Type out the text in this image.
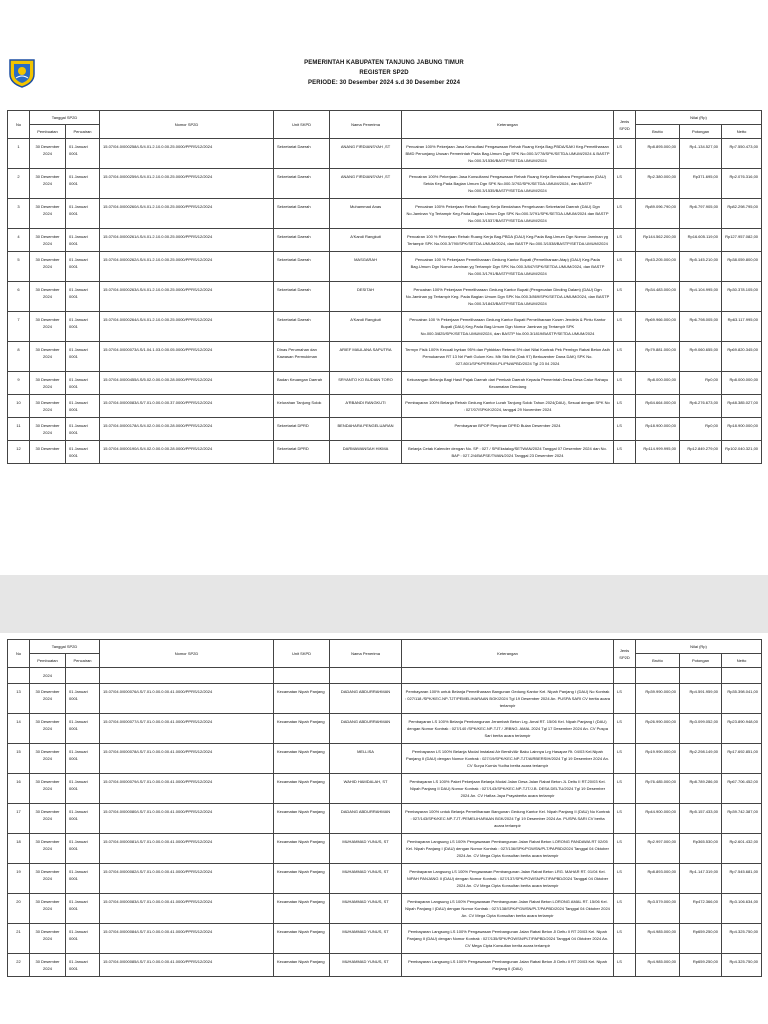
PEMERINTAH KABUPATEN TANJUNG JABUNG TIMUR
REGISTER SP2D
PERIODE: 30 Desember 2024 s.d 30 Desember 2024
No	Tanggal SP2D		Nomor SP2D	Unit SKPD	Nama Penerima	Keterangan	Jenis SP2D	Nilai (Rp)		
	Pembuatan	Pencairan						Brutto	Potongan	Netto
1	30 Desember 2024	01 Januari 0001	15.07/04.0/000258/LS/4.01.2.10.0.00.25.0000/PPRS/12/2024	Sekretariat Daerah	ANANG FIRDIANSYAH ,ST	Pencairan 100% Pekerjaan Jasa Konsultasi Pengawasan Rehab Ruang Kerja Bag.PBDA/SAKI Keg.Pemeliharaan BMD Penunjang Urusan Pemerintah Pada Bag.Umum Dgn SPK No.000.3/778/SPK/SETDA.UMUM/2024 & BASTP No.000.3/1536/BASTP/SETDA.UMUM/2024	LS	Rp8.895.000,00	Rp1.134.527,00	Rp7.550.473,00
2	30 Desember 2024	01 Januari 0001	15.07/04.0/000259/LS/4.01.2.10.0.00.25.0000/PPRS/12/2024	Sekretariat Daerah	ANANG FIRDIANSYAH ,ST	Pencairan 100% Pekerjaan Jasa Konsultansi Pengawasan Rehab Ruang Kerja Bendahara Pengeluaran (DAU) Setda Keg.Pada Bagian Umum Dgn SPK No.000.3/792/SPK/SETDA.UMUM/2024, dan BASTP No.000.3/1535/BASTP/SETDA.UMUM/2024	LS	Rp2.380.000,00	Rp371.695,00	Rp2.076.316,00
3	30 Desember 2024	01 Januari 0001	15.07/04.0/000260/LS/4.01.2.10.0.00.25.0000/PPRS/12/2024	Sekretariat Daerah	Muhammad Anas	Pencairan 100% Pekerjaan Rehab Ruang Kerja Bendahara Pengeluaran Sekretariat Daerah (DAU) Dgn No.Jaminan Yg Tertampir Keg.Pada Bagian Umum Dgn SPK No.000.3/791/SPK/SETDA.UMUM/2024 dan BASTP No.000.3/1537/BASTP/SETDA.UMUM/2024	LS	Rp89.096.790,00	Rp6.797.905,00	Rp82.298.795,00
4	30 Desember 2024	01 Januari 0001	15.07/04.0/000261/LS/4.01.2.10.0.00.25.0000/PPRS/12/2024	Sekretariat Daerah	A'Kandi Rangkuti	Pencairan 100 % Pekerjaan Rehab Ruang Kerja Bag.PBDA (DAU) Keg.Pada Bag.Umum Dgn Nomor Jaminan yg Tertampir SPK No.000.3/790/SPK/SETDA.UMUM/2024, dan BASTP No.000.3/1538/BASTP/SETDA.UMUM/2024	LS	Rp144.562.200,00	Rp16.605.119,00	Rp127.957.082,00
5	30 Desember 2024	01 Januari 0001	15.07/04.0/000262/LS/4.01.2.10.0.00.25.0000/PPRS/12/2024	Sekretariat Daerah	MASGARAH	Pencairan 100 % Pekerjaan Pemeliharaan Gedung Kantor Bupati (Pemeliharaan Atap) (DAU) Keg.Pada Bag.Umum Dgn Nomor Jaminan yg Tertampir Dgn SPK No.000.3/847/SPK/SETDA.UMUM/2024, dan BASTP No.000.3/1791/BASTP/SETDA.UMUM/2024	LS	Rp43.205.000,00	Rp5.145.210,00	Rp38.059.800,00
6	30 Desember 2024	01 Januari 0001	15.07/04.0/000263/LS/4.01.2.10.0.00.25.0000/PPRS/12/2024	Sekretariat Daerah	DESITAH	Pencairan 100% Pekerjaan Pemeliharaan Gedung Kantor Bupati (Pengecatan Dinding Dalam) (DAU) Dgn No.Jaminan yg Tertampir Keg. Pada Bagian Umum Dgn SPK No.000.3/869/SPK/SETDA.UMUM/2024, dan BASTP No.000.3/1843/BASTP/SETDA.UMUM/2024	LS	Rp34.483.000,00	Rp4.104.995,00	Rp30.378.105,00
7	30 Desember 2024	01 Januari 0001	15.07/04.0/000264/LS/4.01.2.10.0.00.25.0000/PPRS/12/2024	Sekretariat Daerah	A'Kandi Rangkuti	Pencairan 100 % Pekerjaan Pemeliharaan Gedung Kantor Bupati Pemeliharaan Kusen Jendela & Pintu Kantor Bupati (DAU) Keg.Pada Bag.Umum Dgn Nomor Jaminan yg Tertampir SPK No.000.3/825/SPK/SETDA.UMUM/2024, dan BASTP No.000.3/1819/BASTP/SETDA.UMUM/2024	LS	Rp69.966.000,00	Rp6.798.005,00	Rp63.117.995,00
8	30 Desember 2024	01 Januari 0001	15.07/04.0/000073/LS/1.04.1.03.0.00.05.0000/PPRS/12/2024	Dinas Perumahan dan Kawasan Permukiman	ARIEF MAULANA SAPUTRA	Termyn Fisik 100% Kecuali byrkan 95% dan Pybkblan Retensi 5% dari Nilai Kontrak Pek Pembgn Rabat Beton Asih Pemukaman RT 13 Nrl Parit Gulum Kec. Mb Sbk Brt (Dak 97) Berkuamber Dana DAK) SPK No. 027.80/1/SPK/PERKIM-PL/PN/APBD/2024 Tgl 23 04 2024	LS	Rp79.881.000,00	Rp9.060.655,00	Rp69.820.345,00
9	30 Desember 2024	01 Januari 0001	15.07/04.0/000455/LS/5.02.0.00.0.00.28.0000/PPRS/12/2024	Badan Keuangan Daerah	SRYANTO KO BUDIAN TORO	Kekurangan Belanja Bagi Hasil Pajak Daerah dari Pemkab Daerah Kepada Pemerintah Desa Desa Catur Rahayu Kecamatan Dendang	LS	Rp8.000.000,00	Rp0,00	Rp8.000.000,00
10	30 Desember 2024	01 Januari 0001	15.07/04.0/000083/LS/7.01.0.00.0.00.37.0000/PPRS/12/2024	Kelurahan Tanjung Solok	A'RBANDI RANGKUTI	Pembayaran 100% Belanja Rehab Gedung Kantor Lurah Tanjung Solok Tahun 2024(DAU), Sesuai dengan SPK No : 027/07/SPK/K/2024, tanggal 29 November 2024	LS	Rp54.664.000,00	Rp6.276.673,00	Rp48.385.027,00
11	30 Desember 2024	01 Januari 0001	15.07/04.0/000178/LS/4.02.0.00.0.00.28.0000/PPRS/12/2024	Sekretariat DPRD	BENDAHARA PENGELUARAN	Pembayaran BPOP Pimpinan DPRD Bulan Desember 2024	LS	Rp18.900.000,00	Rp0,00	Rp18.900.000,00
12	30 Desember	01 Januari 0001	15.07/04.0/000190/LS/4.02.0.00.0.00.28.0000/PPRS/12/2024	Sekretariat DPRD	DARMAWANSAH HIKMA	Belanja Cetak Kalender dengan No. SP : 027 / SP/Ekstalog/SETWAN/2024 Tanggal 07 Desember 2024 dan No. BAP : 027.2/4/BAPSE/TWAN/2024 Tanggal 23 Desember 2024	LS	Rp114.999.995,00	Rp12.849.279,00	Rp102.040.321,00
No	Tanggal SP2D		Nomor SP2D	Unit SKPD	Nama Penerima	Keterangan	Jenis SP2D	Nilai (Rp)		
	Pembuatan	Pencairan						Brutto	Potongan	Netto
	2024									
13	30 Desember 2024	01 Januari 0001	15.07/04.0/000076/LS/7.01.0.00.0.00.41.0000/PPRS/12/2024	Kecamatan Nipah Panjang	DADANG ABDURRAHMAN	Pembayaran 100% untuk Belanja Pemeliharaan Bangunan Gedung Kantor Kel. Nipah Panjang I (DAU) No Kontrak : 027/118 /SPK/KEC.NP-TJT/PEMELIHARAAN BGK/2024 Tgl 19 Desember 2024 An. PUSPA SARI CV berita acara terlampir	LS	Rp39.990.000,00	Rp4.591.959,00	Rp35.398.041,00
14	30 Desember 2024	01 Januari 0001	15.07/04.0/000077/LS/7.01.0.00.0.00.41.0000/PPRS/12/2024	Kecamatan Nipah Panjang	DADANG ABDURRAHMAN	Pembayaran LS 100% Belanja Pembangunan Jerambah Beton Lrg. Amal RT. 15/06 Kel. Nipah Panjang I (DAU) dengan Nomor Kontrak : 027/140 /SPK/KEC.NP-TJT / JRBNG. AMAL 2024 Tgl 17 Desember 2024 An. CV Puspa Sari berita acara terlampir	LS	Rp26.990.000,00	Rp3.099.052,00	Rp23.890.948,00
15	30 Desember 2024	01 Januari 0001	15.07/04.0/000078/LS/7.01.0.00.0.00.41.0000/PPRS/12/2024	Kecamatan Nipah Panjang	MELLISA	Pembayaran LS 100% Belanja Modal Instalasi Air Bersih/Air Baku Lainnya Lrg Hasapar Rt. 04/03 Kel.Nipah Panjang II (DAU) dengan Nomor Kontrak : 027/19/SPK/KEC.NP-TJT/AIRBERSIH/2024 Tgl 19 Desember 2024 An. CV Surya Kurnia Yudha berita acara terlampir	LS	Rp19.990.000,00	Rp2.298.149,00	Rp17.692.851,00
16	30 Desember 2024	01 Januari 0001	15.07/04.0/000079/LS/7.01.0.00.0.00.41.0000/PPRS/12/2024	Kecamatan Nipah Panjang	WAHID HAMDALAH, ST	Pembayaran LS 100% Paket Pekerjaan Belanja Modal Jalan Desa Jalan Rabat Beton JL Deltu II RT.20/03 Kel. Nipah Panjang II DAU) Nomor Kontrak : 027/143/SPK/KEC.NP-TJT/J.B. DESA DELTU/2024 Tgl 19 Desember 2024 An. CV Hafiza Jaya Prayaberita acara terlampir	LS	Rp76.485.000,00	Rp8.789.286,00	Rp67.706.452,00
17	30 Desember 2024	01 Januari 0001	15.07/04.0/000080/LS/7.01.0.00.0.00.41.0000/PPRS/12/2024	Kecamatan Nipah Panjang	DADANG ABDURRAHMAN	Pembayaran 100% untuk Belanja Pemeliharaan Bangunan Gedung Kantor Kel. Nipah Panjang II (DAU) No Kontrak : 027/143/SPK/KEC.NP-TJT /PEMELIHARAAN BGK/2024 Tgl 19 Desember 2024 An. PUSPA SARI CV berita acara terlampir	LS	Rp44.900.000,00	Rp5.157.433,00	Rp39.742.387,00
18	30 Desember 2024	01 Januari 0001	15.07/04.0/000081/LS/7.01.0.00.0.00.41.0000/PPRS/12/2024	Kecamatan Nipah Panjang	MUHAMMAD YUNUS, ST	Pembayaran Langsung LS 100% Pengawasan Pembangunan Jalan Rabat Beton LORONG PANDAWA RT 02/05 Kel. Nipah Panjang I (DAU) dengan Nomor Kontrak : 027/136/SPK/PGWSN/PLT/PAPBD/2024 Tanggal 04 Oktober 2024 An. CV Mega Cipta Konsultan berita acara terlampir	LS	Rp2.997.000,00	Rp365.530,00	Rp2.601.432,00
19	30 Desember 2024	01 Januari 0001	15.07/04.0/000082/LS/7.01.0.00.0.00.41.0000/PPRS/12/2024	Kecamatan Nipah Panjang	MUHAMMAD YUNUS, ST	Pembayaran Langsung LS 100% Pengawasan Pembangunan Jalan Rabat Beton LRG. MAHAR RT. 01/04 Kel. NIPAH PANJANG II (DAU) dengan Nomor Kontrak : 027/137/SPK/PGWSN/PLT/PAPBD/2024 Tanggal 04 Oktober 2024 An. CV Mega Cipta Konsultan berita acara terlampir	LS	Rp8.893.000,00	Rp1.147.319,00	Rp7.545.681,00
20	30 Desember 2024	01 Januari 0001	15.07/04.0/000083/LS/7.01.0.00.0.00.41.0000/PPRS/12/2024	Kecamatan Nipah Panjang	MUHAMMAD YUNUS, ST	Pembayaran Langsung LS 100% Pengawasan Pembangunan Jalan Rabat Beton LORONG AMAL RT. 15/06 Kel. Nipah Panjang I (DAU) dengan Nomor Kontrak : 027/138/SPK/PGWSN/PLT/PAPBD/2024 Tanggal 04 Oktober 2024 An. CV Mega Cipta Konsultan berita acara terlampir	LS	Rp3.579.000,00	Rp472.366,00	Rp3.106.634,00
21	30 Desember 2024	01 Januari 0001	15.07/04.0/000084/LS/7.01.0.00.0.00.41.0000/PPRS/12/2024	Kecamatan Nipah Panjang	MUHAMMAD YUNUS, ST	Pembayaran Langsung LS 100% Pengawasan Pembangunan Jalan Rabat Beton Jl Deltu II RT 20/03 Kel. Nipah Panjang II (DAU) dengan Nomor Kontrak : 027/135/SPK/PGWSN/PLT/PAPBD/2024 Tanggal 04 Oktober 2024 An. CV Mega Cipta Konsultan berita acara terlampir	LS	Rp4.985.000,00	Rp659.250,00	Rp4.325.750,00
22	30 Desember 2024	01 Januari 0001	15.07/04.0/000085/LS/7.01.0.00.0.00.41.0000/PPRS/12/2024	Kecamatan Nipah Panjang	MUHAMMAD YUNUS, ST	Pembayaran Langsung LS 100% Pengawasan Pembangunan Jalan Rabat Beton Jl Deltu II RT 20/03 Kel. Nipah Panjang II (DAU)	LS	Rp4.985.000,00	Rp659.250,00	Rp4.325.750,00
